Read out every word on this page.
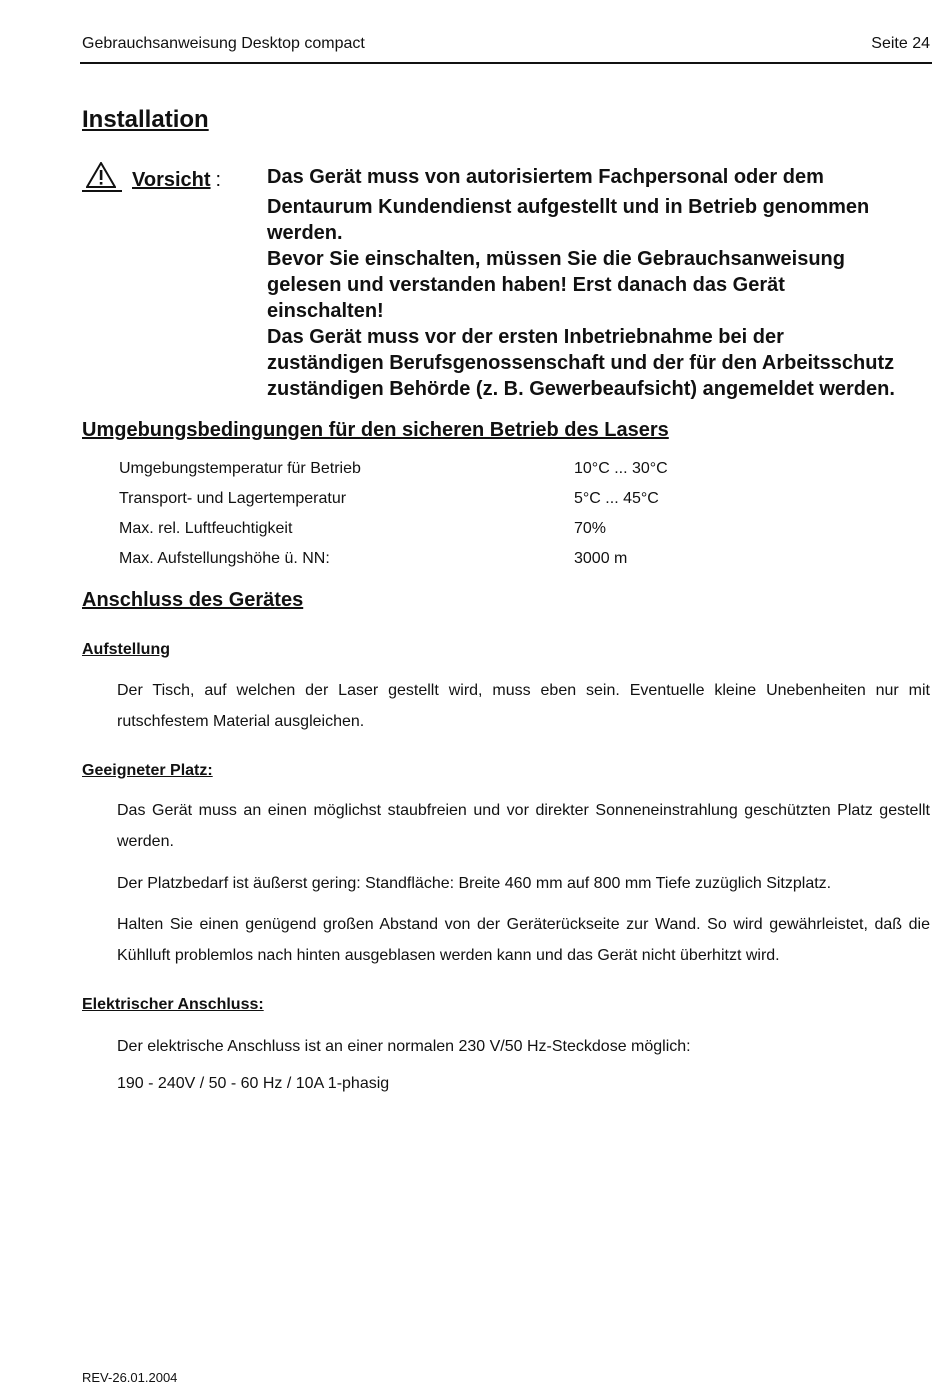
Gebrauchsanweisung Desktop compact	Seite 24
Installation
Vorsicht : Das Gerät muss von autorisiertem Fachpersonal oder dem

Dentaurum Kundendienst aufgestellt und in Betrieb genommen

werden.

Bevor Sie einschalten, müssen Sie die Gebrauchsanweisung

gelesen und verstanden haben! Erst danach das Gerät

einschalten!

Das Gerät muss vor der ersten Inbetriebnahme bei der

zuständigen Berufsgenossenschaft und der für den Arbeitsschutz

zuständigen Behörde (z. B. Gewerbeaufsicht) angemeldet werden.

Umgebungsbedingungen für den sicheren Betrieb des Lasers
Umgebungstemperatur für Betrieb	10°C ... 30°C
Transport- und Lagertemperatur	5°C ... 45°C
Max. rel. Luftfeuchtigkeit	70%
Max. Aufstellungshöhe ü. NN:	3000 m
Anschluss des Gerätes
Aufstellung
Der Tisch, auf welchen der Laser gestellt wird, muss eben sein. Eventuelle kleine Unebenheiten nur mit rutschfestem Material ausgleichen.
Geeigneter Platz:
Das Gerät muss an einen möglichst staubfreien und vor direkter Sonneneinstrahlung geschützten Platz gestellt werden.
Der Platzbedarf ist äußerst gering: Standfläche: Breite 460 mm auf 800 mm Tiefe zuzüglich Sitzplatz.
Halten Sie einen genügend großen Abstand von der Geräterückseite zur Wand. So wird gewährleistet, daß die Kühlluft problemlos nach hinten ausgeblasen werden kann und das Gerät nicht überhitzt wird.
Elektrischer Anschluss:
Der elektrische Anschluss ist an einer normalen 230 V/50 Hz-Steckdose möglich:
190 - 240V / 50 - 60 Hz / 10A 1-phasig
REV-26.01.2004
